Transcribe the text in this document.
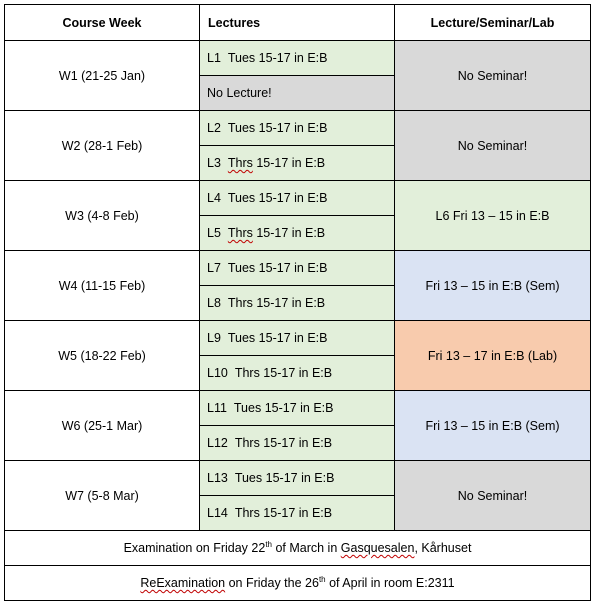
Course Week	Lectures	Lecture/Seminar/Lab
W1 (21-25 Jan)	L1 Tues 15-17 in E:B	No Seminar!
	No Lecture!	
W2 (28-1 Feb)	L2 Tues 15-17 in E:B	No Seminar!
	L3 Thrs 15-17 in E:B	
W3 (4-8 Feb)	L4 Tues 15-17 in E:B	L6 Fri 13 – 15 in E:B
	L5 Thrs 15-17 in E:B	
W4 (11-15 Feb)	L7 Tues 15-17 in E:B	Fri 13 – 15 in E:B (Sem)
	L8 Thrs 15-17 in E:B	
W5 (18-22 Feb)	L9 Tues 15-17 in E:B	Fri 13 – 17 in E:B (Lab)
	L10 Thrs 15-17 in E:B	
W6 (25-1 Mar)	L11 Tues 15-17 in E:B	Fri 13 – 15 in E:B (Sem)
	L12 Thrs 15-17 in E:B	
W7 (5-8 Mar)	L13 Tues 15-17 in E:B	No Seminar!
	L14 Thrs 15-17 in E:B	
Examination on Friday 22th of March in Gasquesalen, Kårhuset		
ReExamination on Friday the 26th of April in room E:2311		
